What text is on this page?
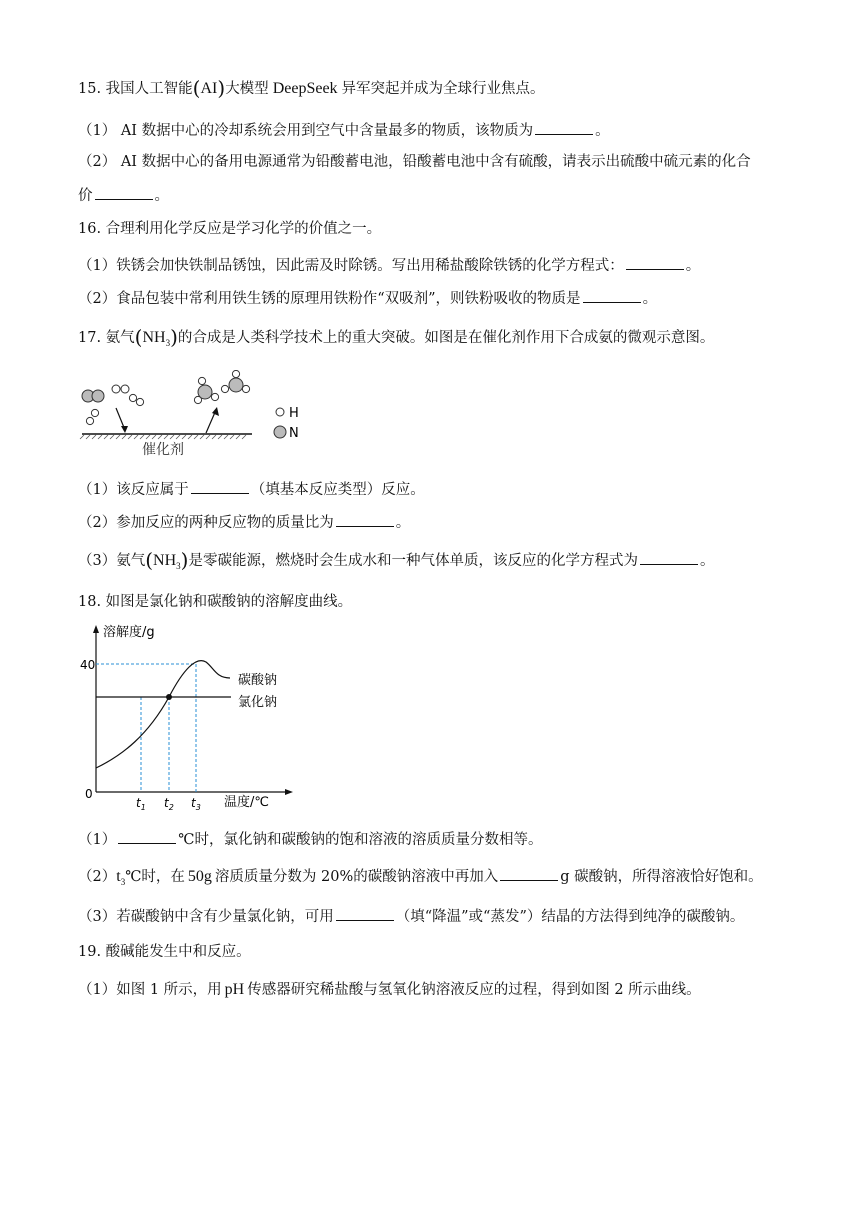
15. 我国人工智能(AI)大模型 DeepSeek 异军突起并成为全球行业焦点。
（1） AI 数据中心的冷却系统会用到空气中含量最多的物质，该物质为	。
（2） AI 数据中心的备用电源通常为铅酸蓄电池，铅酸蓄电池中含有硫酸，请表示出硫酸中硫元素的化合
价	。
16. 合理利用化学反应是学习化学的价值之一。
（1）铁锈会加快铁制品锈蚀，因此需及时除锈。写出用稀盐酸除铁锈的化学方程式：	。
（2）食品包装中常利用铁生锈的原理用铁粉作“双吸剂”，则铁粉吸收的物质是	。
17. 氨气$(NH_3)$的合成是人类科学技术上的重大突破。如图是在催化剂作用下合成氨的微观示意图。
催化剂
H
N
（1）该反应属于	（填基本反应类型）反应。
（2）参加反应的两种反应物的质量比为	。
（3）氨气$(NH_3)$是零碳能源，燃烧时会生成水和一种气体单质，该反应的化学方程式为	。
18. 如图是氯化钠和碳酸钠的溶解度曲线。
溶解度/g
温度/℃
40
0
碳酸钠
氯化钠
$t_1$ $t_2$ $t_3$
（1）	℃时，氯化钠和碳酸钠的饱和溶液的溶质质量分数相等。
$(2)t_3℃$时，在 50g 溶质质量分数为 20%的碳酸钠溶液中再加入	g 碳酸钠，所得溶液恰好饱和。
（3）若碳酸钠中含有少量氯化钠，可用	（填“降温”或“蒸发”）结晶的方法得到纯净的碳酸钠。
19. 酸碱能发生中和反应。
（1）如图 1 所示，用 pH 传感器研究稀盐酸与氢氧化钠溶液反应的过程，得到如图 2 所示曲线。
